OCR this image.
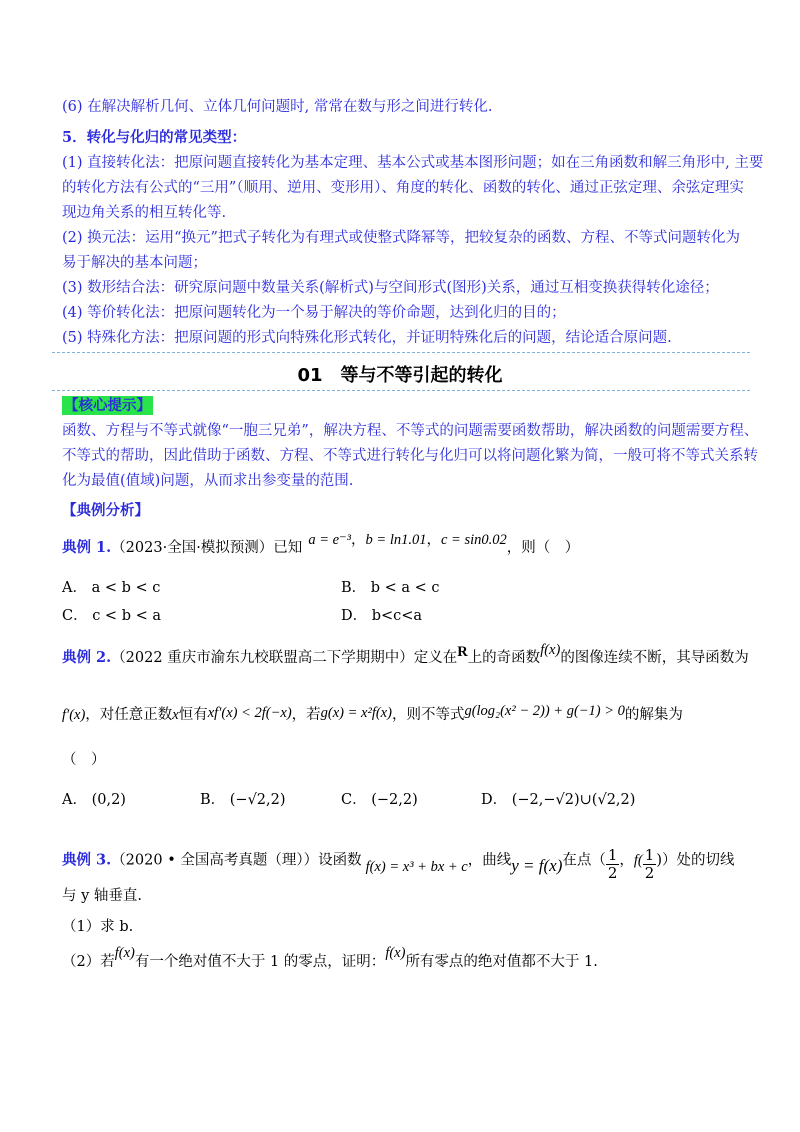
(6) 在解决解析几何、立体几何问题时, 常常在数与形之间进行转化.
5．转化与化归的常见类型：
(1) 直接转化法：把原问题直接转化为基本定理、基本公式或基本图形问题；如在三角函数和解三角形中, 主要
的转化方法有公式的“三用”（顺用、逆用、变形用）、角度的转化、函数的转化、通过正弦定理、余弦定理实
现边角关系的相互转化等.
(2) 换元法：运用“换元”把式子转化为有理式或使整式降幂等，把较复杂的函数、方程、不等式问题转化为
易于解决的基本问题；
(3) 数形结合法：研究原问题中数量关系(解析式)与空间形式(图形)关系，通过互相变换获得转化途径；
(4) 等价转化法：把原问题转化为一个易于解决的等价命题，达到化归的目的；
(5) 特殊化方法：把原问题的形式向特殊化形式转化，并证明特殊化后的问题，结论适合原问题.
01　等与不等引起的转化
【核心提示】
函数、方程与不等式就像“一胞三兄弟”，解决方程、不等式的问题需要函数帮助，解决函数的问题需要方程、
不等式的帮助，因此借助于函数、方程、不等式进行转化与化归可以将问题化繁为简，一般可将不等式关系转
化为最值(值域)问题，从而求出参变量的范围.
【典例分析】
典例 1.（2023·全国·模拟预测）已知 a = e⁻³，b = ln1.01，c = sin0.02，则（　）
A． a < b < c	B． b < a < c
C． c < b < a	D． b<c<a
典例 2.（2022 重庆市渝东九校联盟高二下学期期中）定义在R上的奇函数f(x)的图像连续不断，其导函数为
f′(x)，对任意正数x恒有xf′(x) < 2f(−x)，若g(x) = x²f(x)，则不等式g(log₂(x² − 2)) + g(−1) > 0的解集为
（　）
A． (0,2)	B． (−√2,2)	C． (−2,2)	D． (−2,−√2)∪(√2,2)
典例 3.（2020 • 全国高考真题（理））设函数 f(x) = x³ + bx + c，曲线y = f(x)在点（ $\frac{1}{2}$ ，$f( \frac{1}{2}$ )）处的切线
与 y 轴垂直.
（1）求 b.
（2）若f(x)有一个绝对值不大于 1 的零点，证明：f(x)所有零点的绝对值都不大于 1.
